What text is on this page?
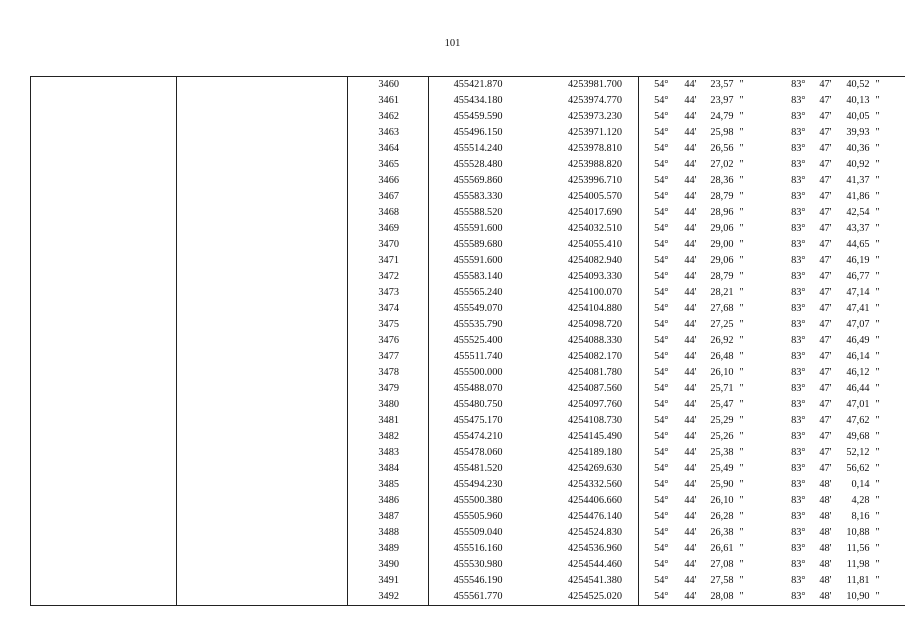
101
		3460	455421.870	4253981.700	54°	44'	23,57	"	83°	47'	40,52	"
		3461	455434.180	4253974.770	54°	44'	23,97	"	83°	47'	40,13	"
		3462	455459.590	4253973.230	54°	44'	24,79	"	83°	47'	40,05	"
		3463	455496.150	4253971.120	54°	44'	25,98	"	83°	47'	39,93	"
		3464	455514.240	4253978.810	54°	44'	26,56	"	83°	47'	40,36	"
		3465	455528.480	4253988.820	54°	44'	27,02	"	83°	47'	40,92	"
		3466	455569.860	4253996.710	54°	44'	28,36	"	83°	47'	41,37	"
		3467	455583.330	4254005.570	54°	44'	28,79	"	83°	47'	41,86	"
		3468	455588.520	4254017.690	54°	44'	28,96	"	83°	47'	42,54	"
		3469	455591.600	4254032.510	54°	44'	29,06	"	83°	47'	43,37	"
		3470	455589.680	4254055.410	54°	44'	29,00	"	83°	47'	44,65	"
		3471	455591.600	4254082.940	54°	44'	29,06	"	83°	47'	46,19	"
		3472	455583.140	4254093.330	54°	44'	28,79	"	83°	47'	46,77	"
		3473	455565.240	4254100.070	54°	44'	28,21	"	83°	47'	47,14	"
		3474	455549.070	4254104.880	54°	44'	27,68	"	83°	47'	47,41	"
		3475	455535.790	4254098.720	54°	44'	27,25	"	83°	47'	47,07	"
		3476	455525.400	4254088.330	54°	44'	26,92	"	83°	47'	46,49	"
		3477	455511.740	4254082.170	54°	44'	26,48	"	83°	47'	46,14	"
		3478	455500.000	4254081.780	54°	44'	26,10	"	83°	47'	46,12	"
		3479	455488.070	4254087.560	54°	44'	25,71	"	83°	47'	46,44	"
		3480	455480.750	4254097.760	54°	44'	25,47	"	83°	47'	47,01	"
		3481	455475.170	4254108.730	54°	44'	25,29	"	83°	47'	47,62	"
		3482	455474.210	4254145.490	54°	44'	25,26	"	83°	47'	49,68	"
		3483	455478.060	4254189.180	54°	44'	25,38	"	83°	47'	52,12	"
		3484	455481.520	4254269.630	54°	44'	25,49	"	83°	47'	56,62	"
		3485	455494.230	4254332.560	54°	44'	25,90	"	83°	48'	0,14	"
		3486	455500.380	4254406.660	54°	44'	26,10	"	83°	48'	4,28	"
		3487	455505.960	4254476.140	54°	44'	26,28	"	83°	48'	8,16	"
		3488	455509.040	4254524.830	54°	44'	26,38	"	83°	48'	10,88	"
		3489	455516.160	4254536.960	54°	44'	26,61	"	83°	48'	11,56	"
		3490	455530.980	4254544.460	54°	44'	27,08	"	83°	48'	11,98	"
		3491	455546.190	4254541.380	54°	44'	27,58	"	83°	48'	11,81	"
		3492	455561.770	4254525.020	54°	44'	28,08	"	83°	48'	10,90	"
